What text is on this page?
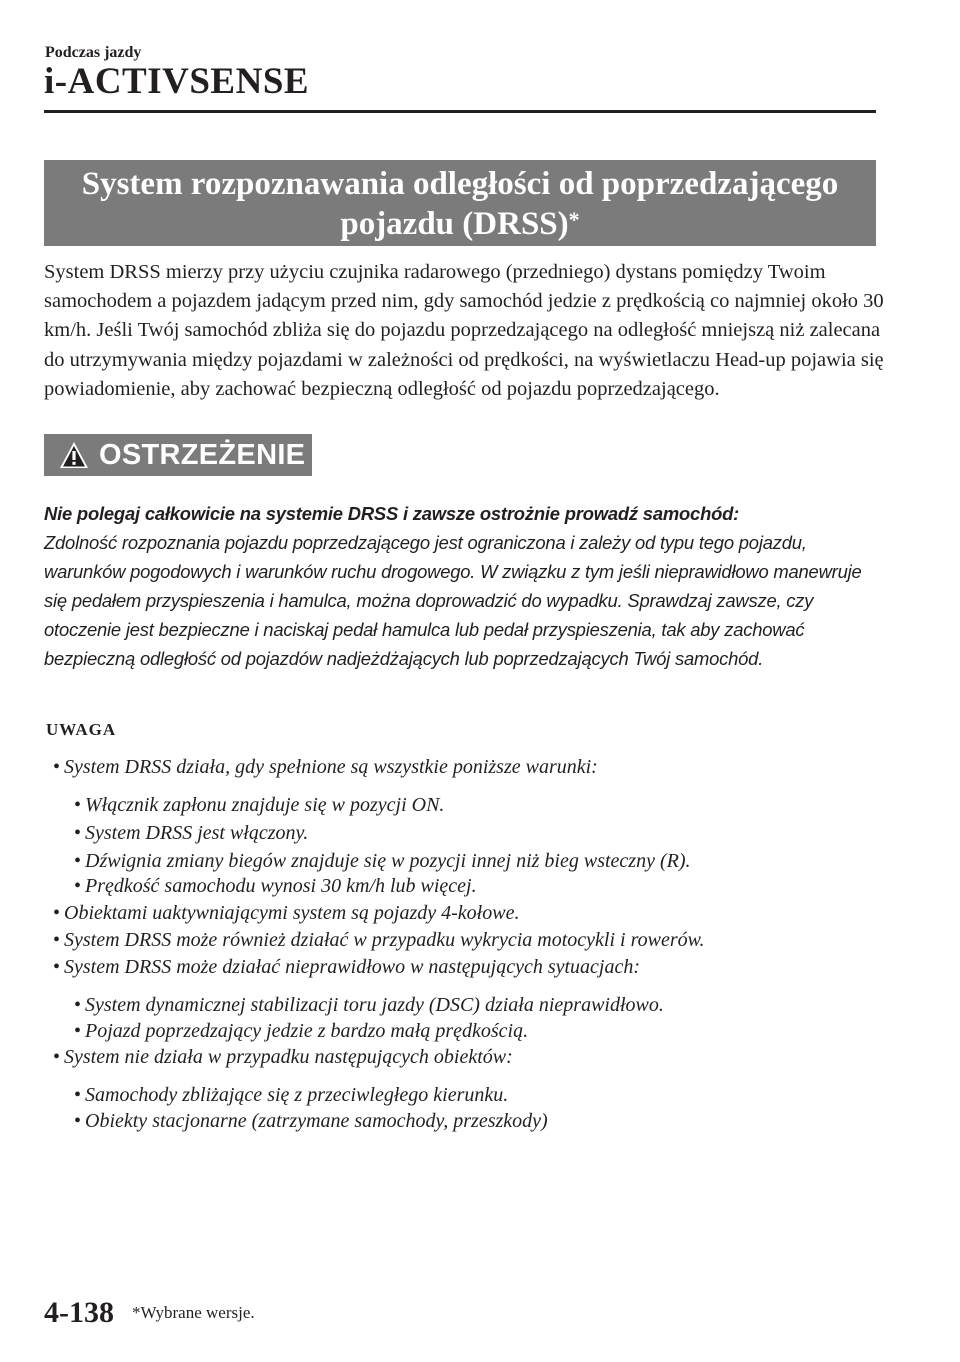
Podczas jazdy
i-ACTIVSENSE
System rozpoznawania odległości od poprzedzającego
pojazdu (DRSS)*
System DRSS mierzy przy użyciu czujnika radarowego (przedniego) dystans pomiędzy Twoim samochodem a pojazdem jadącym przed nim, gdy samochód jedzie z prędkością co najmniej około 30 km/h. Jeśli Twój samochód zbliża się do pojazdu poprzedzającego na odległość mniejszą niż zalecana do utrzymywania między pojazdami w zależności od prędkości, na wyświetlaczu Head-up pojawia się powiadomienie, aby zachować bezpieczną odległość od pojazdu poprzedzającego.
OSTRZEŻENIE
Nie polegaj całkowicie na systemie DRSS i zawsze ostrożnie prowadź samochód:
Zdolność rozpoznania pojazdu poprzedzającego jest ograniczona i zależy od typu tego pojazdu, warunków pogodowych i warunków ruchu drogowego. W związku z tym jeśli nieprawidłowo manewruje się pedałem przyspieszenia i hamulca, można doprowadzić do wypadku. Sprawdzaj zawsze, czy otoczenie jest bezpieczne i naciskaj pedał hamulca lub pedał przyspieszenia, tak aby zachować bezpieczną odległość od pojazdów nadjeżdżających lub poprzedzających Twój samochód.
UWAGA
• System DRSS działa, gdy spełnione są wszystkie poniższe warunki:
• Włącznik zapłonu znajduje się w pozycji ON.
• System DRSS jest włączony.
• Dźwignia zmiany biegów znajduje się w pozycji innej niż bieg wsteczny (R).
• Prędkość samochodu wynosi 30 km/h lub więcej.
• Obiektami uaktywniającymi system są pojazdy 4-kołowe.
• System DRSS może również działać w przypadku wykrycia motocykli i rowerów.
• System DRSS może działać nieprawidłowo w następujących sytuacjach:
• System dynamicznej stabilizacji toru jazdy (DSC) działa nieprawidłowo.
• Pojazd poprzedzający jedzie z bardzo małą prędkością.
• System nie działa w przypadku następujących obiektów:
• Samochody zbliżające się z przeciwległego kierunku.
• Obiekty stacjonarne (zatrzymane samochody, przeszkody)
4-138 *Wybrane wersje.
